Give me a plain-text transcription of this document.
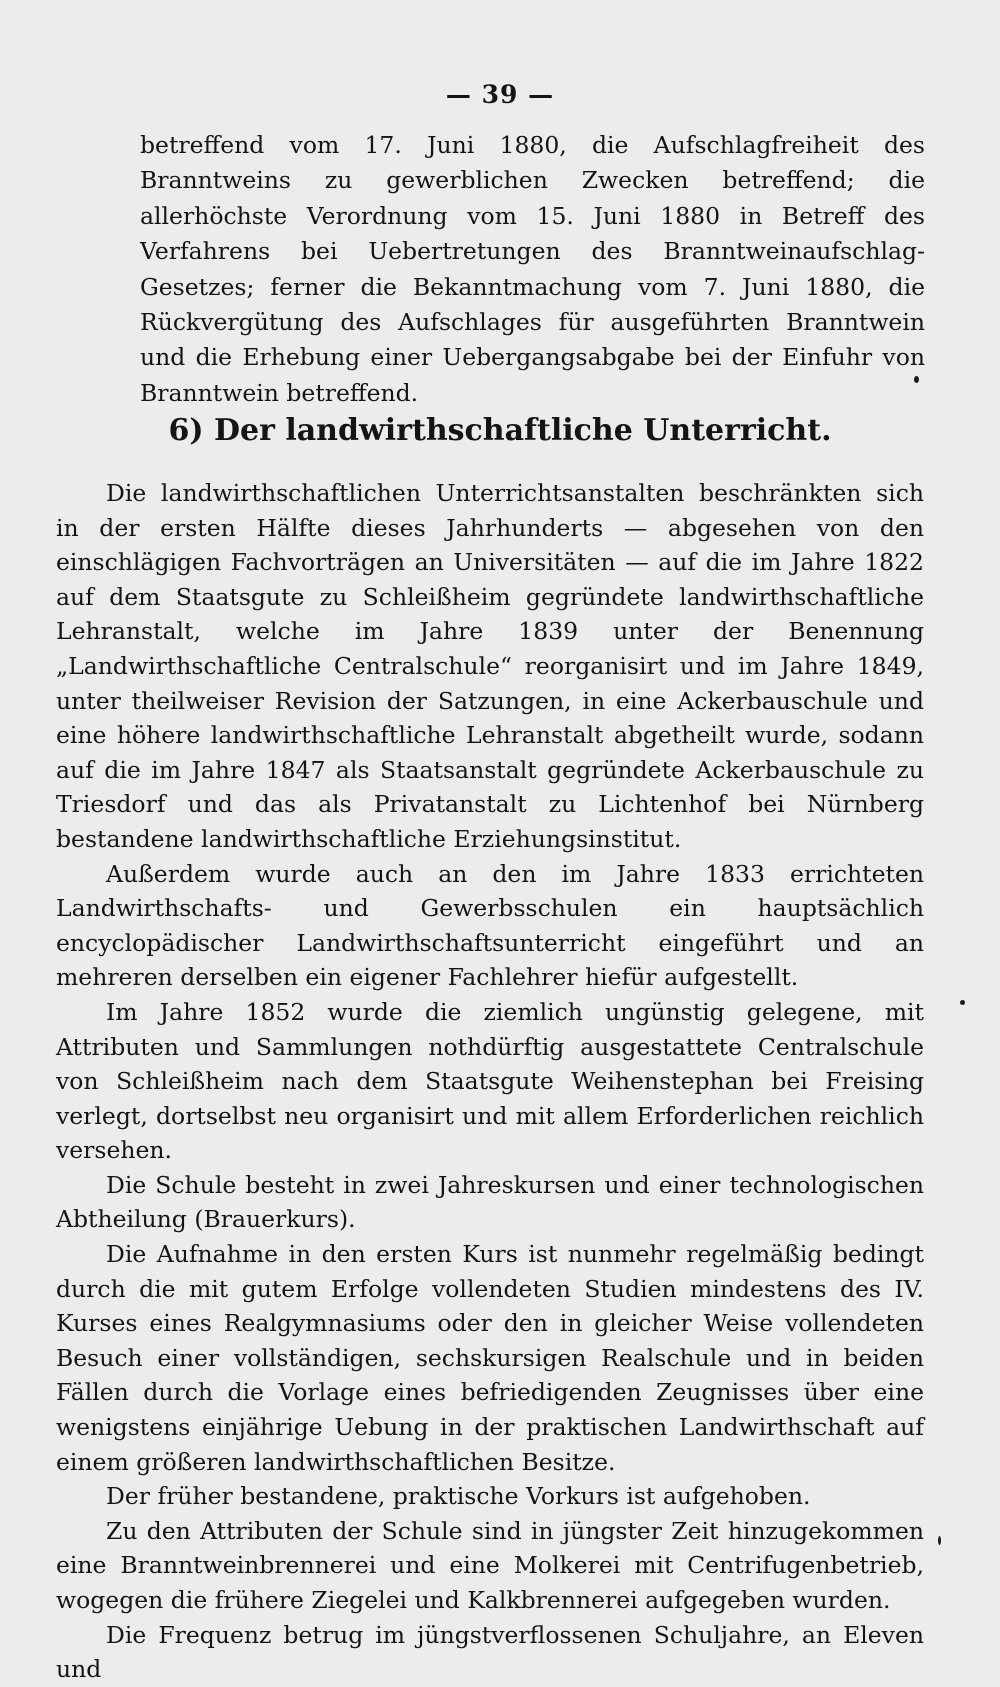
— 39 —

betreffend vom 17. Juni 1880, die Aufschlagfreiheit des Branntweins zu gewerblichen Zwecken betreffend; die allerhöchste Verordnung vom 15. Juni 1880 in Betreff des Verfahrens bei Uebertretungen des Branntweinaufschlag-Gesetzes; ferner die Bekanntmachung vom 7. Juni 1880, die Rückvergütung des Aufschlages für ausgeführten Branntwein und die Erhebung einer Uebergangsabgabe bei der Einfuhr von Branntwein betreffend.

6) Der landwirthschaftliche Unterricht.

Die landwirthschaftlichen Unterrichtsanstalten beschränkten sich in der ersten Hälfte dieses Jahrhunderts — abgesehen von den einschlägigen Fachvorträgen an Universitäten — auf die im Jahre 1822 auf dem Staatsgute zu Schleißheim gegründete landwirthschaftliche Lehranstalt, welche im Jahre 1839 unter der Benennung „Landwirthschaftliche Centralschule“ reorganisirt und im Jahre 1849, unter theilweiser Revision der Satzungen, in eine Ackerbauschule und eine höhere landwirthschaftliche Lehranstalt abgetheilt wurde, sodann auf die im Jahre 1847 als Staatsanstalt gegründete Ackerbauschule zu Triesdorf und das als Privatanstalt zu Lichtenhof bei Nürnberg bestandene landwirthschaftliche Erziehungsinstitut.

Außerdem wurde auch an den im Jahre 1833 errichteten Landwirthschafts- und Gewerbsschulen ein hauptsächlich encyclopädischer Landwirthschaftsunterricht eingeführt und an mehreren derselben ein eigener Fachlehrer hiefür aufgestellt.

Im Jahre 1852 wurde die ziemlich ungünstig gelegene, mit Attributen und Sammlungen nothdürftig ausgestattete Centralschule von Schleißheim nach dem Staatsgute Weihenstephan bei Freising verlegt, dortselbst neu organisirt und mit allem Erforderlichen reichlich versehen.

Die Schule besteht in zwei Jahreskursen und einer technologischen Abtheilung (Brauerkurs).

Die Aufnahme in den ersten Kurs ist nunmehr regelmäßig bedingt durch die mit gutem Erfolge vollendeten Studien mindestens des IV. Kurses eines Realgymnasiums oder den in gleicher Weise vollendeten Besuch einer vollständigen, sechskursigen Realschule und in beiden Fällen durch die Vorlage eines befriedigenden Zeugnisses über eine wenigstens einjährige Uebung in der praktischen Landwirthschaft auf einem größeren landwirthschaftlichen Besitze.

Der früher bestandene, praktische Vorkurs ist aufgehoben.

Zu den Attributen der Schule sind in jüngster Zeit hinzugekommen eine Branntweinbrennerei und eine Molkerei mit Centrifugenbetrieb, wogegen die frühere Ziegelei und Kalkbrennerei aufgegeben wurden.

Die Frequenz betrug im jüngstverflossenen Schuljahre, an Eleven und
